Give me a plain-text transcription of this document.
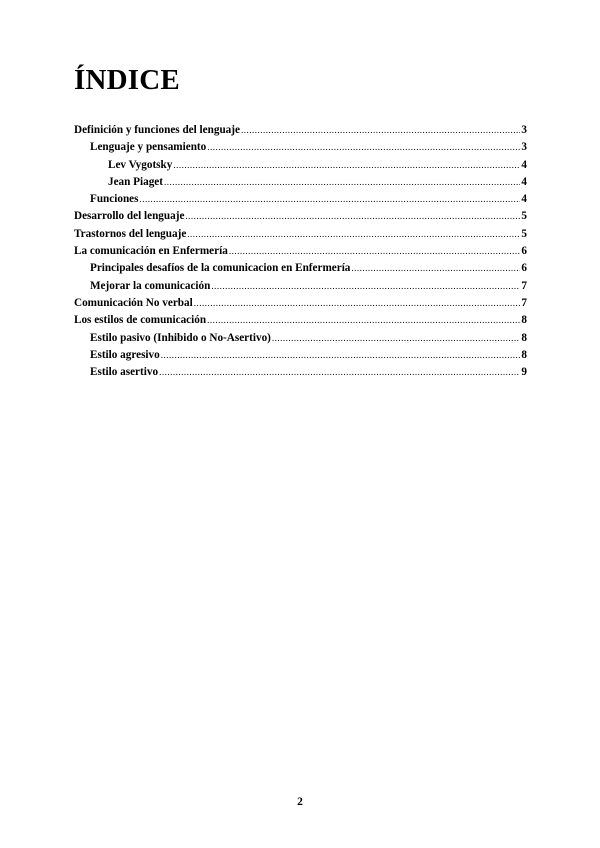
ÍNDICE
Definición y funciones del lenguaje .....	3
Lenguaje y pensamiento .....	3
Lev Vygotsky .....	4
Jean Piaget .....	4
Funciones .....	4
Desarrollo del lenguaje .....	5
Trastornos del lenguaje .....	5
La comunicación en Enfermería .....	6
Principales desafíos de la comunicacion en Enfermería .....	6
Mejorar la comunicación .....	7
Comunicación No verbal .....	7
Los estilos de comunicación .....	8
Estilo pasivo (Inhibido o No-Asertivo) .....	8
Estilo agresivo .....	8
Estilo asertivo .....	9
2
